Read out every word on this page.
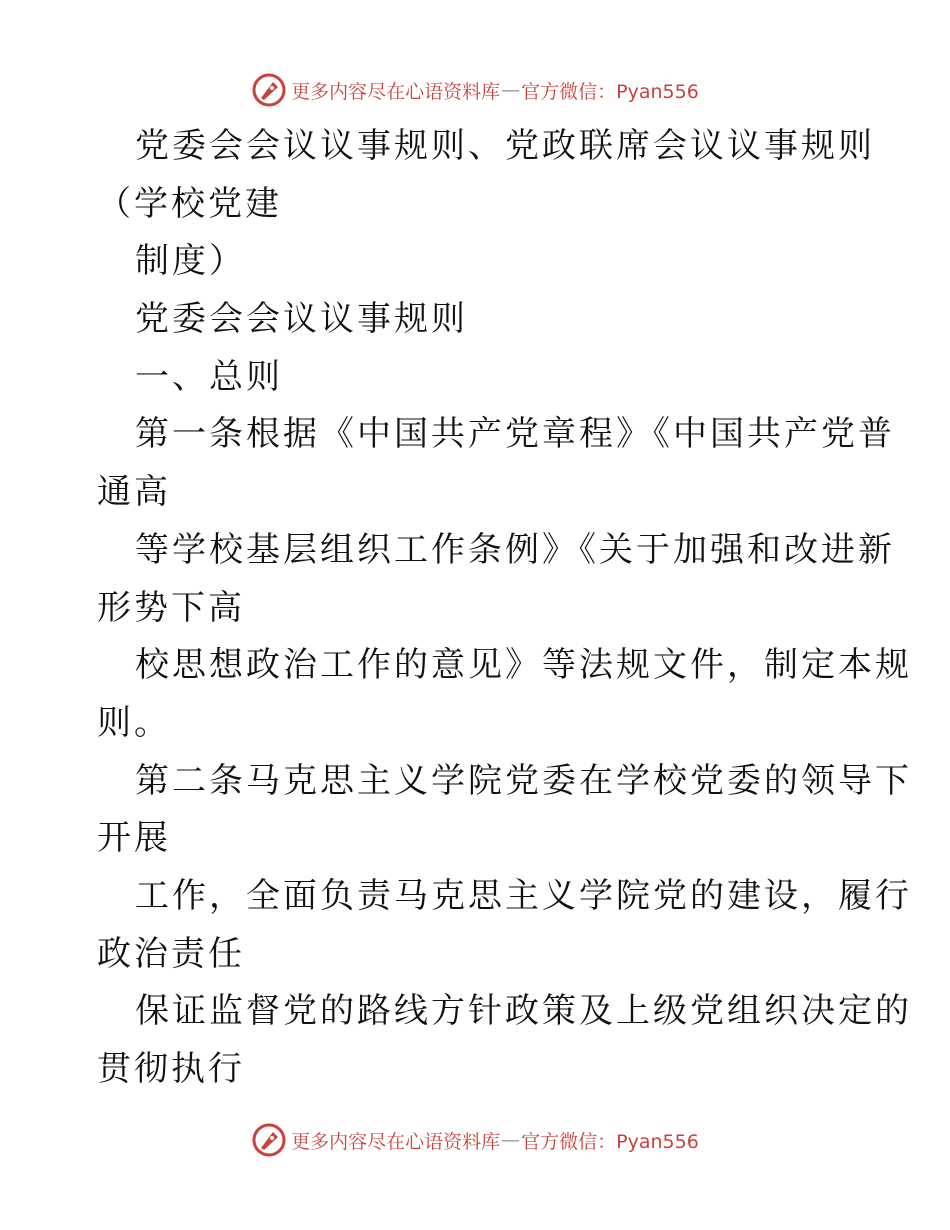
更多内容尽在心语资料库 — 官方微信：Pyan556
党委会会议议事规则、党政联席会议议事规则
（学校党建
制度）
党委会会议议事规则
一、总则
第一条根据《中国共产党章程》《中国共产党普
通高
等学校基层组织工作条例》《关于加强和改进新
形势下高
校思想政治工作的意见》等法规文件，制定本规
则。
第二条马克思主义学院党委在学校党委的领导下
开展
工作，全面负责马克思主义学院党的建设，履行
政治责任
保证监督党的路线方针政策及上级党组织决定的
贯彻执行
更多内容尽在心语资料库 — 官方微信：Pyan556
